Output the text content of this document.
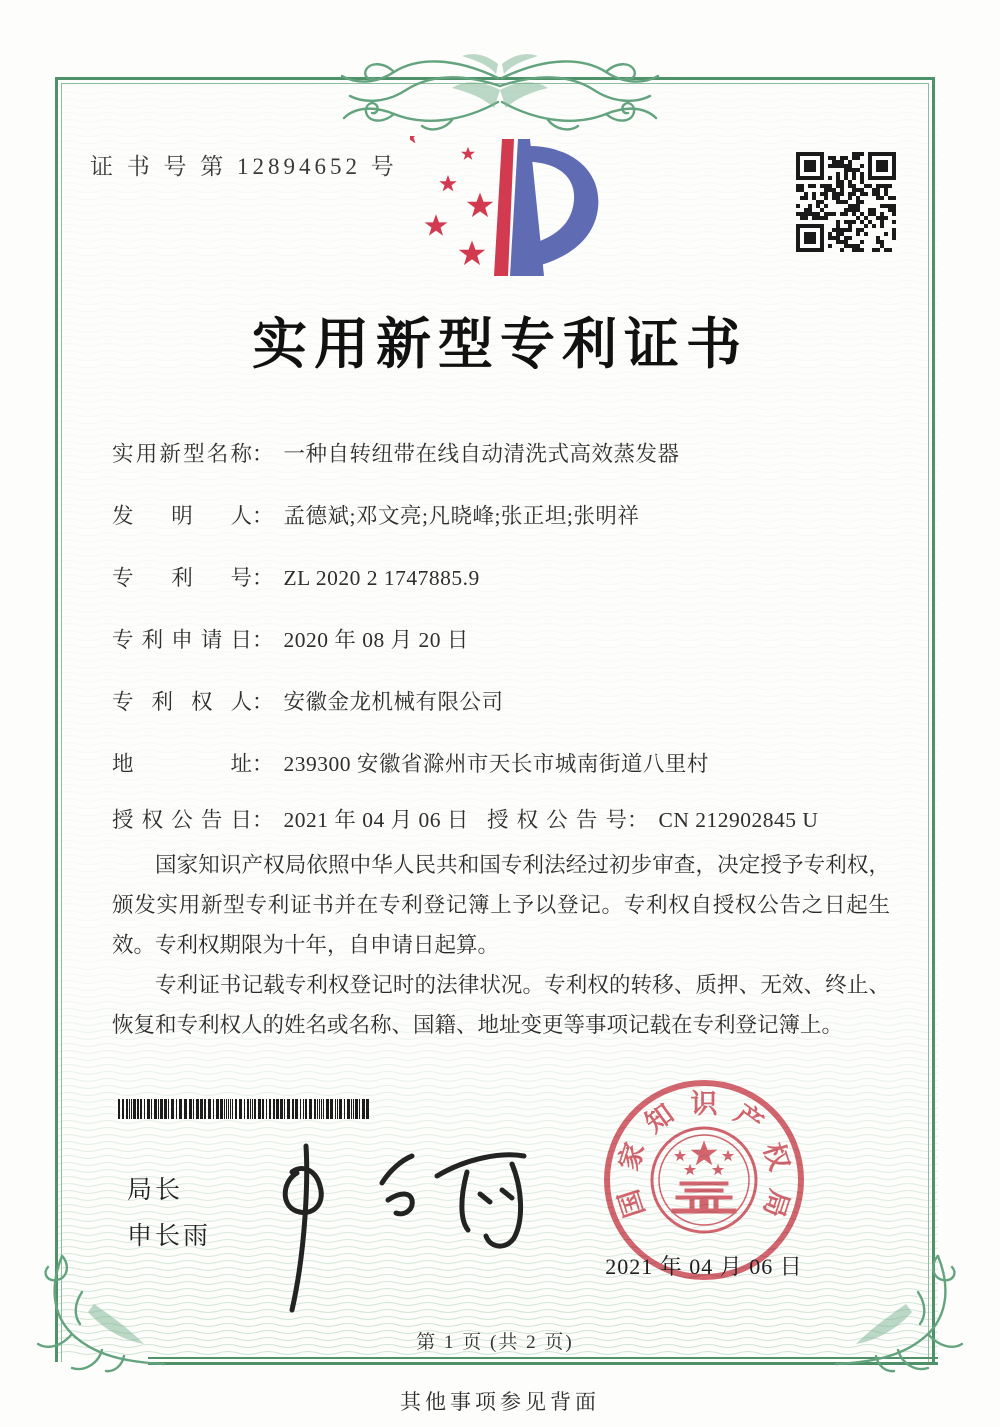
证 书 号 第 12894652 号
实用新型专利证书
实用新型名称： 一种自转纽带在线自动清洗式高效蒸发器
发明人： 孟德斌;邓文亮;凡晓峰;张正坦;张明祥
专利号： ZL 2020 2 1747885.9
专利申请日： 2020 年 08 月 20 日
专利权人： 安徽金龙机械有限公司
地址： 239300 安徽省滁州市天长市城南街道八里村
授权公告日： 2021 年 04 月 06 日 授权公告号： CN 212902845 U

国家知识产权局依照中华人民共和国专利法经过初步审查，决定授予专利权，颁发实用新型专利证书并在专利登记簿上予以登记。专利权自授权公告之日起生效。专利权期限为十年，自申请日起算。

专利证书记载专利权登记时的法律状况。专利权的转移、质押、无效、终止、恢复和专利权人的姓名或名称、国籍、地址变更等事项记载在专利登记簿上。

局长
申长雨
国
家
知 识 产
权
局
2021 年 04 月 06 日
第 1 页 (共 2 页)
其他事项参见背面
